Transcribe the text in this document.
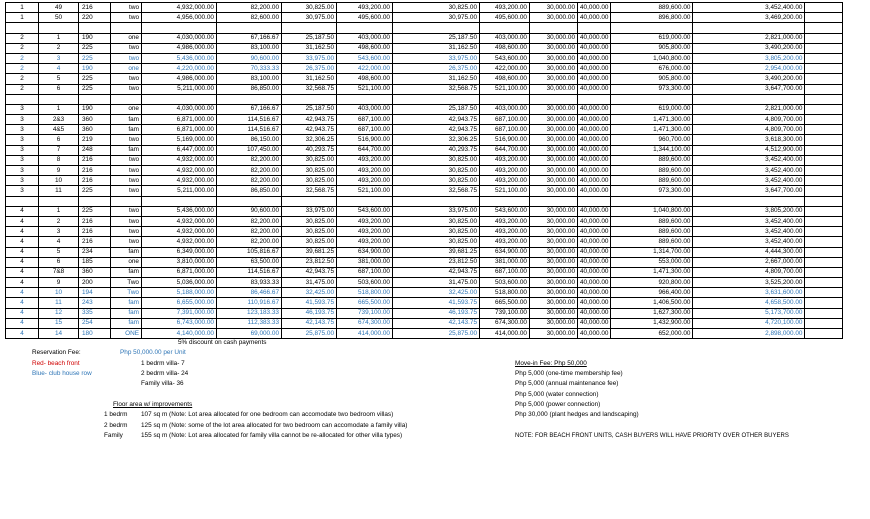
1	49	216	two	4,932,000.00	82,200.00	30,825.00	493,200.00	30,825.00	493,200.00	30,000.00	40,000.00	889,600.00	3,452,400.00	
1	50	220	two	4,956,000.00	82,600.00	30,975.00	495,600.00	30,975.00	495,600.00	30,000.00	40,000.00	896,800.00	3,469,200.00	

2	1	190	one	4,030,000.00	67,166.67	25,187.50	403,000.00	25,187.50	403,000.00	30,000.00	40,000.00	619,000.00	2,821,000.00	
2	2	225	two	4,986,000.00	83,100.00	31,162.50	498,600.00	31,162.50	498,600.00	30,000.00	40,000.00	905,800.00	3,490,200.00	
2	3	225	two	5,436,000.00	90,600.00	33,975.00	543,600.00	33,975.00	543,600.00	30,000.00	40,000.00	1,040,800.00	3,805,200.00	
2	4	190	one	4,220,000.00	70,333.33	26,375.00	422,000.00	26,375.00	422,000.00	30,000.00	40,000.00	676,000.00	2,954,000.00	
2	5	225	two	4,986,000.00	83,100.00	31,162.50	498,600.00	31,162.50	498,600.00	30,000.00	40,000.00	905,800.00	3,490,200.00	
2	6	225	two	5,211,000.00	86,850.00	32,568.75	521,100.00	32,568.75	521,100.00	30,000.00	40,000.00	973,300.00	3,647,700.00	

3	1	190	one	4,030,000.00	67,166.67	25,187.50	403,000.00	25,187.50	403,000.00	30,000.00	40,000.00	619,000.00	2,821,000.00	
3	2&3	360	fam	6,871,000.00	114,516.67	42,943.75	687,100.00	42,943.75	687,100.00	30,000.00	40,000.00	1,471,300.00	4,809,700.00	
3	4&5	360	fam	6,871,000.00	114,516.67	42,943.75	687,100.00	42,943.75	687,100.00	30,000.00	40,000.00	1,471,300.00	4,809,700.00	
3	6	219	two	5,169,000.00	86,150.00	32,306.25	516,900.00	32,306.25	516,900.00	30,000.00	40,000.00	960,700.00	3,618,300.00	
3	7	248	fam	6,447,000.00	107,450.00	40,293.75	644,700.00	40,293.75	644,700.00	30,000.00	40,000.00	1,344,100.00	4,512,900.00	
3	8	216	two	4,932,000.00	82,200.00	30,825.00	493,200.00	30,825.00	493,200.00	30,000.00	40,000.00	889,600.00	3,452,400.00	
3	9	216	two	4,932,000.00	82,200.00	30,825.00	493,200.00	30,825.00	493,200.00	30,000.00	40,000.00	889,600.00	3,452,400.00	
3	10	216	two	4,932,000.00	82,200.00	30,825.00	493,200.00	30,825.00	493,200.00	30,000.00	40,000.00	889,600.00	3,452,400.00	
3	11	225	two	5,211,000.00	86,850.00	32,568.75	521,100.00	32,568.75	521,100.00	30,000.00	40,000.00	973,300.00	3,647,700.00	

4	1	225	two	5,436,000.00	90,600.00	33,975.00	543,600.00	33,975.00	543,600.00	30,000.00	40,000.00	1,040,800.00	3,805,200.00	
4	2	216	two	4,932,000.00	82,200.00	30,825.00	493,200.00	30,825.00	493,200.00	30,000.00	40,000.00	889,600.00	3,452,400.00	
4	3	216	two	4,932,000.00	82,200.00	30,825.00	493,200.00	30,825.00	493,200.00	30,000.00	40,000.00	889,600.00	3,452,400.00	
4	4	216	two	4,932,000.00	82,200.00	30,825.00	493,200.00	30,825.00	493,200.00	30,000.00	40,000.00	889,600.00	3,452,400.00	
4	5	234	fam	6,349,000.00	105,816.67	39,681.25	634,900.00	39,681.25	634,900.00	30,000.00	40,000.00	1,314,700.00	4,444,300.00	
4	6	185	one	3,810,000.00	63,500.00	23,812.50	381,000.00	23,812.50	381,000.00	30,000.00	40,000.00	553,000.00	2,667,000.00	
4	7&8	360	fam	6,871,000.00	114,516.67	42,943.75	687,100.00	42,943.75	687,100.00	30,000.00	40,000.00	1,471,300.00	4,809,700.00	
4	9	200	Two	5,036,000.00	83,933.33	31,475.00	503,600.00	31,475.00	503,600.00	30,000.00	40,000.00	920,800.00	3,525,200.00	
4	10	194	Two	5,188,000.00	86,466.67	32,425.00	518,800.00	32,425.00	518,800.00	30,000.00	40,000.00	966,400.00	3,631,600.00	
4	11	243	fam	6,655,000.00	110,916.67	41,593.75	665,500.00	41,593.75	665,500.00	30,000.00	40,000.00	1,406,500.00	4,658,500.00	
4	12	335	fam	7,391,000.00	123,183.33	46,193.75	739,100.00	46,193.75	739,100.00	30,000.00	40,000.00	1,627,300.00	5,173,700.00	
4	15	254	fam	6,743,000.00	112,383.33	42,143.75	674,300.00	42,143.75	674,300.00	30,000.00	40,000.00	1,432,900.00	4,720,100.00	
4	14	180	ONE	4,140,000.00	69,000.00	25,875.00	414,000.00	25,875.00	414,000.00	30,000.00	40,000.00	652,000.00	2,898,000.00	
5% discount on cash payments
Reservation Fee:	Php 50,000.00 per Unit
Red- beach front
Blue- club house row
1 bedrm villa- 7
2 bedrm villa- 24
Family villa- 36
Floor area w/ improvements
1 bedrm 107 sq m (Note: Lot area allocated for one bedroom can accomodate two bedroom villas)
2 bedrm 125 sq m (Note: some of the lot area allocated for two bedroom can accomodate a family villa)
Family	155 sq m (Note: Lot area allocated for family villa cannot be re-allocated for other villa types)
Move-in Fee: Php 50,000
Php 5,000 (one-time membership fee)
Php 5,000 (annual maintenance fee)
Php 5,000 (water connection)
Php 5,000 (power connection)
Php 30,000 (plant hedges and landscaping)
NOTE: FOR BEACH FRONT UNITS, CASH BUYERS WILL HAVE PRIORITY OVER OTHER BUYERS
